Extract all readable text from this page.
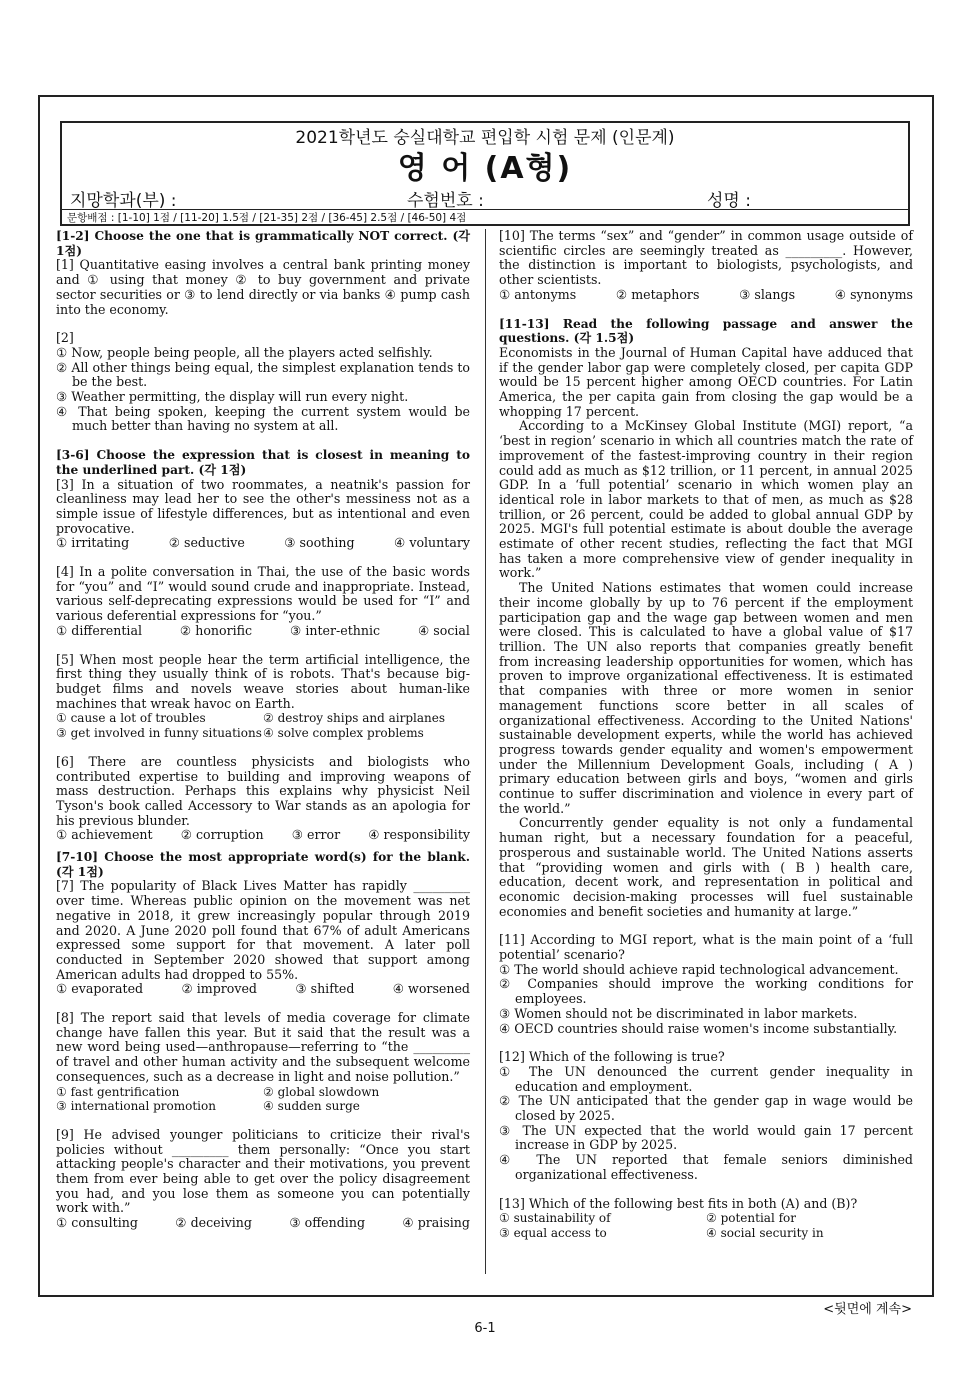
2021학년도 숭실대학교 편입학 시험 문제 (인문계)
영 어 (A형)
지망학과(부) :	수험번호 :	성명 :
문항배점 : [1-10] 1점 / [11-20] 1.5점 / [21-35] 2점 / [36-45] 2.5점 / [46-50] 4점

[1-2] Choose the one that is grammatically NOT correct. (각 1점)

[1] Quantitative easing involves a central bank printing money and ① using that money ② to buy government and private sector securities or ③ to lend directly or via banks ④ pump cash into the economy.

[2]

① Now, people being people, all the players acted selfishly.

② All other things being equal, the simplest explanation tends to be the best.

③ Weather permitting, the display will run every night.

④ That being spoken, keeping the current system would be much better than having no system at all.

[3-6] Choose the expression that is closest in meaning to the underlined part. (각 1점)

[3] In a situation of two roommates, a neatnik's passion for cleanliness may lead her to see the other's messiness not as a simple issue of lifestyle differences, but as intentional and even provocative.

① irritating	② seductive	③ soothing	④ voluntary

[4] In a polite conversation in Thai, the use of the basic words for “you” and “I” would sound crude and inappropriate. Instead, various self-deprecating expressions would be used for “I” and various deferential expressions for “you.”

① differential	② honorific	③ inter-ethnic	④ social

[5] When most people hear the term artificial intelligence, the first thing they usually think of is robots. That's because big-budget films and novels weave stories about human-like machines that wreak havoc on Earth.

① cause a lot of troubles	② destroy ships and airplanes
③ get involved in funny situations ④ solve complex problems

[6] There are countless physicists and biologists who contributed expertise to building and improving weapons of mass destruction. Perhaps this explains why physicist Neil Tyson's book called Accessory to War stands as an apologia for his previous blunder.

① achievement ② corruption ③ error ④ responsibility

[7-10] Choose the most appropriate word(s) for the blank. (각 1점)

[7] The popularity of Black Lives Matter has rapidly _________ over time. Whereas public opinion on the movement was net negative in 2018, it grew increasingly popular through 2019 and 2020. A June 2020 poll found that 67% of adult Americans expressed some support for that movement. A later poll conducted in September 2020 showed that support among American adults had dropped to 55%.

① evaporated	② improved	③ shifted	④ worsened

[8] The report said that levels of media coverage for climate change have fallen this year. But it said that the result was a new word being used—anthropause—referring to “the _________ of travel and other human activity and the subsequent welcome consequences, such as a decrease in light and noise pollution.”

① fast gentrification	② global slowdown
③ international promotion	④ sudden surge

[9] He advised younger politicians to criticize their rival's policies without _________ them personally: “Once you start attacking people's character and their motivations, you prevent them from ever being able to get over the policy disagreement you had, and you lose them as someone you can potentially work with.”

① consulting	② deceiving	③ offending	④ praising

[10] The terms “sex” and “gender” in common usage outside of scientific circles are seemingly treated as _________. However, the distinction is important to biologists, psychologists, and other scientists.

① antonyms	② metaphors	③ slangs	④ synonyms

[11-13] Read the following passage and answer the questions. (각 1.5점)

Economists in the Journal of Human Capital have adduced that if the gender labor gap were completely closed, per capita GDP would be 15 percent higher among OECD countries. For Latin America, the per capita gain from closing the gap would be a whopping 17 percent.

According to a McKinsey Global Institute (MGI) report, “a ‘best in region’ scenario in which all countries match the rate of improvement of the fastest-improving country in their region could add as much as $12 trillion, or 11 percent, in annual 2025 GDP. In a ‘full potential’ scenario in which women play an identical role in labor markets to that of men, as much as $28 trillion, or 26 percent, could be added to global annual GDP by 2025. MGI's full potential estimate is about double the average estimate of other recent studies, reflecting the fact that MGI has taken a more comprehensive view of gender inequality in work.”

The United Nations estimates that women could increase their income globally by up to 76 percent if the employment participation gap and the wage gap between women and men were closed. This is calculated to have a global value of $17 trillion. The UN also reports that companies greatly benefit from increasing leadership opportunities for women, which has proven to improve organizational effectiveness. It is estimated that companies with three or more women in senior management functions score better in all scales of organizational effectiveness. According to the United Nations' sustainable development experts, while the world has achieved progress towards gender equality and women's empowerment under the Millennium Development Goals, including ( A ) primary education between girls and boys, “women and girls continue to suffer discrimination and violence in every part of the world.”

Concurrently gender equality is not only a fundamental human right, but a necessary foundation for a peaceful, prosperous and sustainable world. The United Nations asserts that “providing women and girls with ( B ) health care, education, decent work, and representation in political and economic decision-making processes will fuel sustainable economies and benefit societies and humanity at large.”

[11] According to MGI report, what is the main point of a ‘full potential’ scenario?

① The world should achieve rapid technological advancement.

② Companies should improve the working conditions for employees.

③ Women should not be discriminated in labor markets.

④ OECD countries should raise women's income substantially.

[12] Which of the following is true?

① The UN denounced the current gender inequality in education and employment.

② The UN anticipated that the gender gap in wage would be closed by 2025.

③ The UN expected that the world would gain 17 percent increase in GDP by 2025.

④ The UN reported that female seniors diminished organizational effectiveness.

[13] Which of the following best fits in both (A) and (B)?

① sustainability of	② potential for
③ equal access to	④ social security in
<뒷면에 계속>
6-1
